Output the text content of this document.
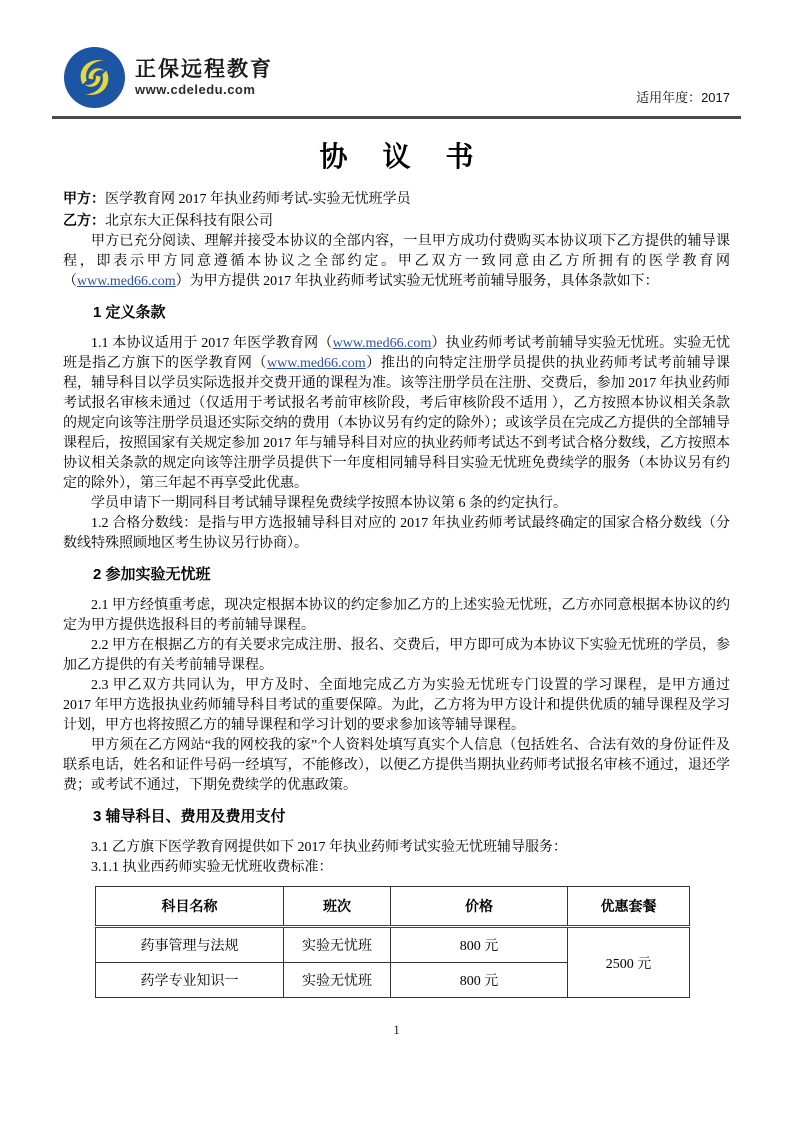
正保远程教育
www.cdeledu.com
适用年度：2017
协 议 书

甲方：医学教育网 2017 年执业药师考试-实验无忧班学员

乙方：北京东大正保科技有限公司

甲方已充分阅读、理解并接受本协议的全部内容，一旦甲方成功付费购买本协议项下乙方提供的辅导课程，即表示甲方同意遵循本协议之全部约定。甲乙双方一致同意由乙方所拥有的医学教育网（www.med66.com）为甲方提供 2017 年执业药师考试实验无忧班考前辅导服务，具体条款如下：

1 定义条款

1.1 本协议适用于 2017 年医学教育网（www.med66.com）执业药师考试考前辅导实验无忧班。实验无忧班是指乙方旗下的医学教育网（www.med66.com）推出的向特定注册学员提供的执业药师考试考前辅导课程，辅导科目以学员实际选报并交费开通的课程为准。该等注册学员在注册、交费后，参加 2017 年执业药师考试报名审核未通过（仅适用于考试报名考前审核阶段，考后审核阶段不适用 ），乙方按照本协议相关条款的规定向该等注册学员退还实际交纳的费用（本协议另有约定的除外）；或该学员在完成乙方提供的全部辅导课程后，按照国家有关规定参加 2017 年与辅导科目对应的执业药师考试达不到考试合格分数线，乙方按照本协议相关条款的规定向该等注册学员提供下一年度相同辅导科目实验无忧班免费续学的服务（本协议另有约定的除外），第三年起不再享受此优惠。

学员申请下一期同科目考试辅导课程免费续学按照本协议第 6 条的约定执行。

1.2 合格分数线：是指与甲方选报辅导科目对应的 2017 年执业药师考试最终确定的国家合格分数线（分数线特殊照顾地区考生协议另行协商）。

2 参加实验无忧班

2.1 甲方经慎重考虑，现决定根据本协议的约定参加乙方的上述实验无忧班，乙方亦同意根据本协议的约定为甲方提供选报科目的考前辅导课程。

2.2 甲方在根据乙方的有关要求完成注册、报名、交费后，甲方即可成为本协议下实验无忧班的学员，参加乙方提供的有关考前辅导课程。

2.3 甲乙双方共同认为，甲方及时、全面地完成乙方为实验无忧班专门设置的学习课程，是甲方通过 2017 年甲方选报执业药师辅导科目考试的重要保障。为此，乙方将为甲方设计和提供优质的辅导课程及学习计划，甲方也将按照乙方的辅导课程和学习计划的要求参加该等辅导课程。

甲方须在乙方网站“我的网校我的家”个人资料处填写真实个人信息（包括姓名、合法有效的身份证件及联系电话，姓名和证件号码一经填写，不能修改），以便乙方提供当期执业药师考试报名审核不通过，退还学费；或考试不通过，下期免费续学的优惠政策。

3 辅导科目、费用及费用支付

3.1 乙方旗下医学教育网提供如下 2017 年执业药师考试实验无忧班辅导服务：

3.1.1 执业西药师实验无忧班收费标准：

科目名称	班次	价格	优惠套餐
药事管理与法规	实验无忧班	800 元	2500 元
药学专业知识一	实验无忧班	800 元	
1
